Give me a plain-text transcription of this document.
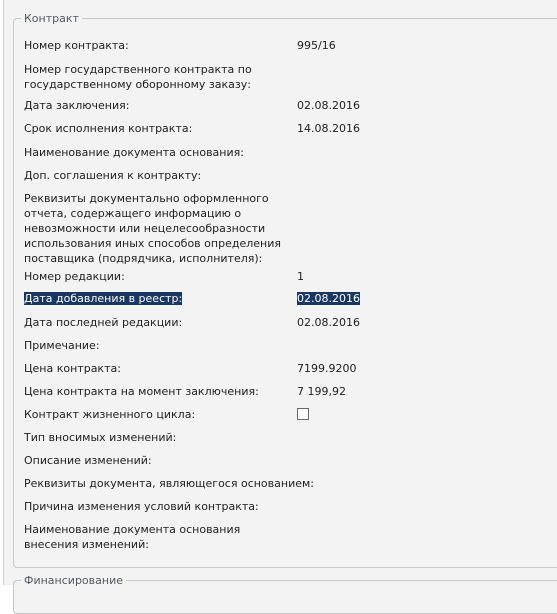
Контракт
Финансирование
Номер контракта:	995/16
Номер государственного контракта по государственному оборонному заказу:
Дата заключения:	02.08.2016
Срок исполнения контракта:	14.08.2016
Наименование документа основания:
Доп. соглашения к контракту:
Реквизиты документально оформленного отчета, содержащего информацию о невозможности или нецелесообразности использования иных способов определения поставщика (подрядчика, исполнителя):
Номер редакции:	1
Дата добавления в реестр:	02.08.2016
Дата последней редакции:	02.08.2016
Примечание:
Цена контракта:	7199.9200
Цена контракта на момент заключения:	7 199,92
Контракт жизненного цикла:
Тип вносимых изменений:
Описание изменений:
Реквизиты документа, являющегося основанием:
Причина изменения условий контракта:
Наименование документа основания внесения изменений:
